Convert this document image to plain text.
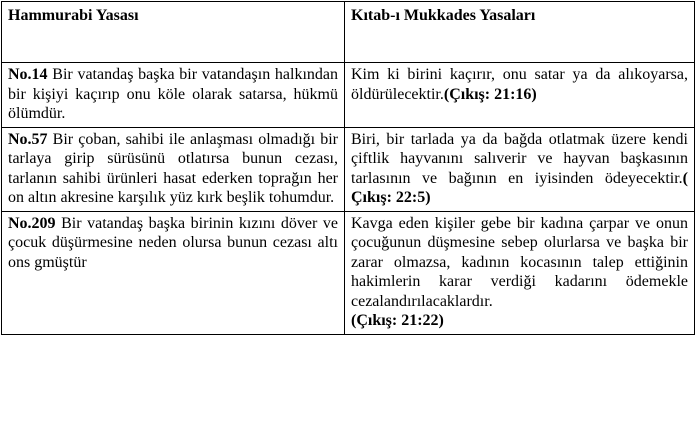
Hammurabi Yasası	Kıtab-ı Mukkades Yasaları
No.14 Bir vatandaş başka bir vatandaşın halkından bir kişiyi kaçırıp onu köle olarak satarsa, hükmü ölümdür.	Kim ki birini kaçırır, onu satar ya da alıkoyarsa, öldürülecektir.(Çıkış: 21:16)
No.57 Bir çoban, sahibi ile anlaşması olmadığı bir tarlaya girip sürüsünü otlatırsa bunun cezası, tarlanın sahibi ürünleri hasat ederken toprağın her on altın akresine karşılık yüz kırk beşlik tohumdur.	Biri, bir tarlada ya da bağda otlatmak üzere kendi çiftlik hayvanını salıverir ve hayvan başkasının tarlasının ve bağının en iyisinden ödeyecektir.( Çıkış: 22:5)
No.209 Bir vatandaş başka birinin kızını döver ve çocuk düşürmesine neden olursa bunun cezası altı ons gmüştür	Kavga eden kişiler gebe bir kadına çarpar ve onun çocuğunun düşmesine sebep olurlarsa ve başka bir zarar olmazsa, kadının kocasının talep ettiğinin hakimlerin karar verdiği kadarını ödemekle cezalandırılacaklardır.
(Çıkış: 21:22)
